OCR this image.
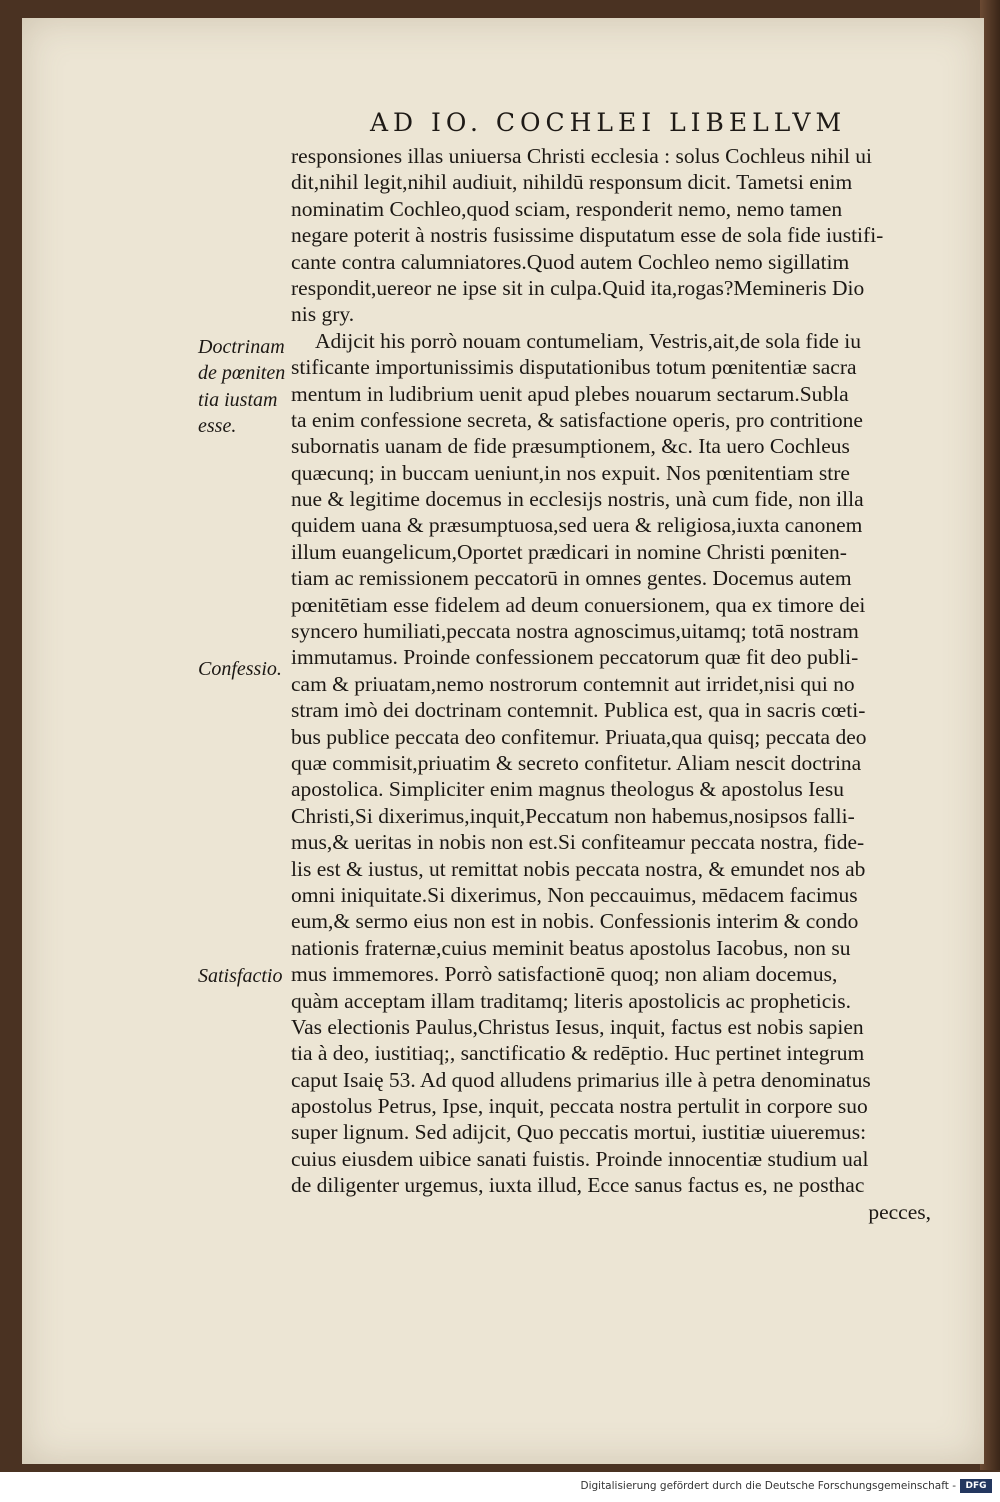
AD IO. COCHLEI LIBELLVM
responsiones illas uniuersa Christi ecclesia : solus Cochleus nihil ui
dit,nihil legit,nihil audiuit, nihildū responsum dicit. Tametsi enim
nominatim Cochleo,quod sciam, responderit nemo, nemo tamen
negare poterit à nostris fusissime disputatum esse de sola fide iustifi-
cante contra calumniatores.Quod autem Cochleo nemo sigillatim
respondit,uereor ne ipse sit in culpa.Quid ita,rogas?Memineris Dio
nis gry.
Adijcit his porrò nouam contumeliam, Vestris,ait,de sola fide iu
stificante importunissimis disputationibus totum pœnitentiæ sacra
mentum in ludibrium uenit apud plebes nouarum sectarum.Subla
ta enim confessione secreta, & satisfactione operis, pro contritione
subornatis uanam de fide præsumptionem, &c. Ita uero Cochleus
quæcunq; in buccam ueniunt,in nos expuit. Nos pœnitentiam stre
nue & legitime docemus in ecclesijs nostris, unà cum fide, non illa
quidem uana & præsumptuosa,sed uera & religiosa,iuxta canonem
illum euangelicum,Oportet prædicari in nomine Christi pœniten-
tiam ac remissionem peccatorū in omnes gentes. Docemus autem
pœnitētiam esse fidelem ad deum conuersionem, qua ex timore dei
syncero humiliati,peccata nostra agnoscimus,uitamq; totā nostram
immutamus. Proinde confessionem peccatorum quæ fit deo publi-
cam & priuatam,nemo nostrorum contemnit aut irridet,nisi qui no
stram imò dei doctrinam contemnit. Publica est, qua in sacris cœti-
bus publice peccata deo confitemur. Priuata,qua quisq; peccata deo
quæ commisit,priuatim & secreto confitetur. Aliam nescit doctrina
apostolica. Simpliciter enim magnus theologus & apostolus Iesu
Christi,Si dixerimus,inquit,Peccatum non habemus,nosipsos falli-
mus,& ueritas in nobis non est.Si confiteamur peccata nostra, fide-
lis est & iustus, ut remittat nobis peccata nostra, & emundet nos ab
omni iniquitate.Si dixerimus, Non peccauimus, mēdacem facimus
eum,& sermo eius non est in nobis. Confessionis interim & condo
nationis fraternæ,cuius meminit beatus apostolus Iacobus, non su
mus immemores. Porrò satisfactionē quoq; non aliam docemus,
quàm acceptam illam traditamq; literis apostolicis ac propheticis.
Vas electionis Paulus,Christus Iesus, inquit, factus est nobis sapien
tia à deo, iustitiaq;, sanctificatio & redēptio. Huc pertinet integrum
caput Isaię 53. Ad quod alludens primarius ille à petra denominatus
apostolus Petrus, Ipse, inquit, peccata nostra pertulit in corpore suo
super lignum. Sed adijcit, Quo peccatis mortui, iustitiæ uiueremus:
cuius eiusdem uibice sanati fuistis. Proinde innocentiæ studium ual
de diligenter urgemus, iuxta illud, Ecce sanus factus es, ne posthac
pecces,
Doctrinam
de pœniten
tia iustam
esse.
Confessio.
Satisfactio
Digitalisierung gefördert durch die Deutsche Forschungsgemeinschaft -	DFG
